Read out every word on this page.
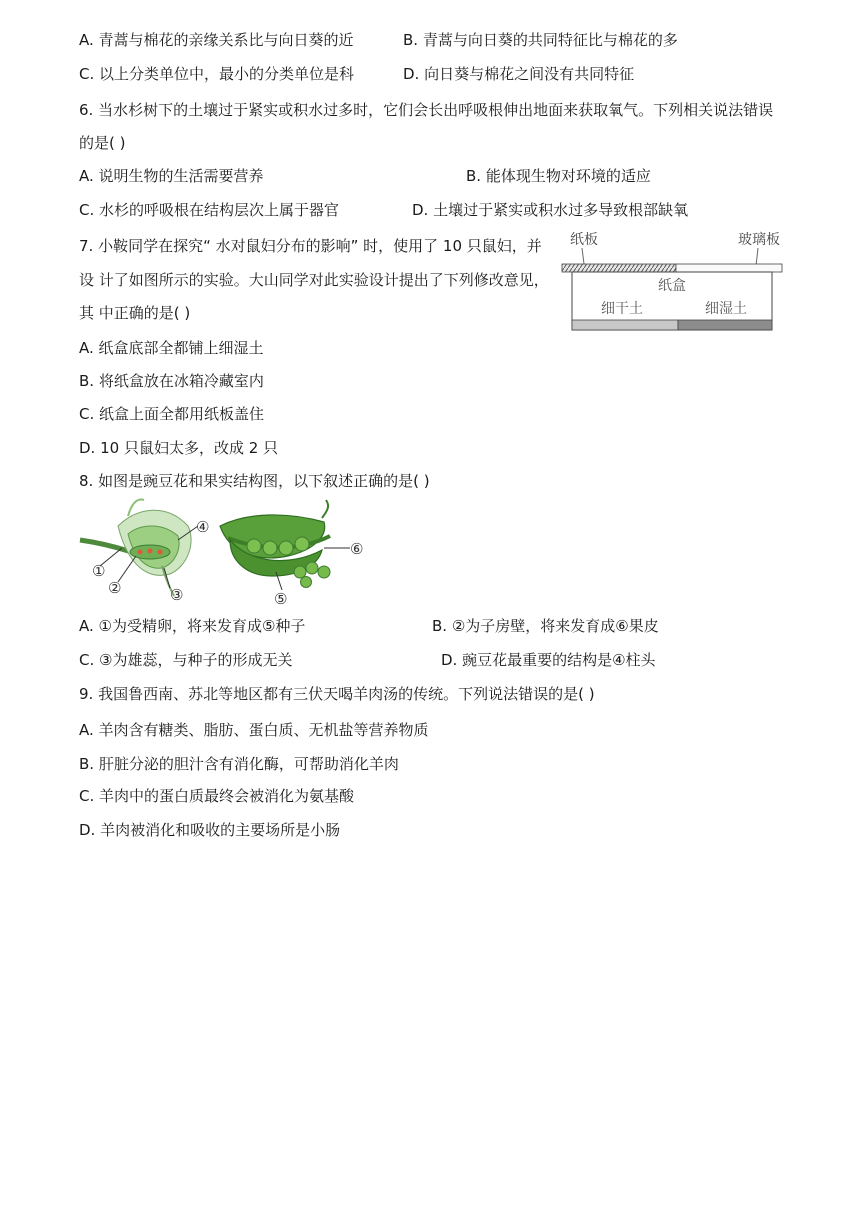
A. 青蒿与棉花的亲缘关系比与向日葵的近	B. 青蒿与向日葵的共同特征比与棉花的多
C. 以上分类单位中，最小的分类单位是科	D. 向日葵与棉花之间没有共同特征
6. 当水杉树下的土壤过于紧实或积水过多时，它们会长出呼吸根伸出地面来获取氧气。下列相关说法错误
的是( )
A. 说明生物的生活需要营养	B. 能体现生物对环境的适应
C. 水杉的呼吸根在结构层次上属于器官	D. 土壤过于紧实或积水过多导致根部缺氧
7. 小鞍同学在探究“ 水对鼠妇分布的影响” 时，使用了 10 只鼠妇，并
设 计了如图所示的实验。大山同学对此实验设计提出了下列修改意见，
其 中正确的是( )
A. 纸盒底部全都铺上细湿土
B. 将纸盒放在冰箱冷藏室内
C. 纸盒上面全都用纸板盖住
D. 10 只鼠妇太多，改成 2 只
纸板	玻璃板
纸盒
细干土	细湿土
8. 如图是豌豆花和果实结构图，以下叙述正确的是( )
①
②	③
④
⑥
⑤
A. ①为受精卵，将来发育成⑤种子	B. ②为子房壁，将来发育成⑥果皮
C. ③为雄蕊，与种子的形成无关	D. 豌豆花最重要的结构是④柱头
9. 我国鲁西南、苏北等地区都有三伏天喝羊肉汤的传统。下列说法错误的是( )
A. 羊肉含有糖类、脂肪、蛋白质、无机盐等营养物质
B. 肝脏分泌的胆汁含有消化酶，可帮助消化羊肉
C. 羊肉中的蛋白质最终会被消化为氨基酸
D. 羊肉被消化和吸收的主要场所是小肠
